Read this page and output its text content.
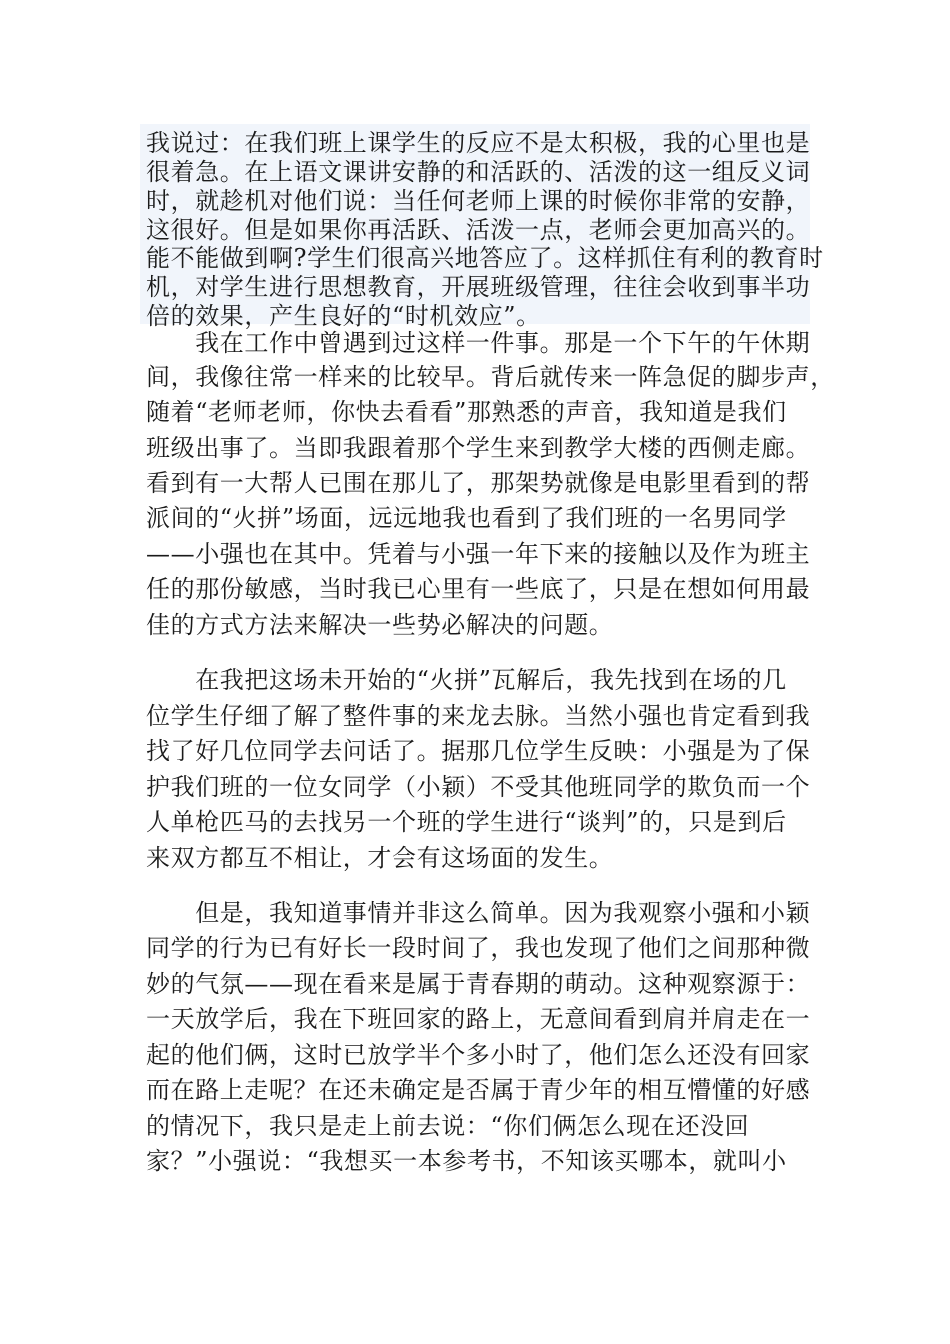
我说过：在我们班上课学生的反应不是太积极，我的心里也是
很着急。在上语文课讲安静的和活跃的、活泼的这一组反义词
时，就趁机对他们说：当任何老师上课的时候你非常的安静，
这很好。但是如果你再活跃、活泼一点，老师会更加高兴的。
能不能做到啊?学生们很高兴地答应了。这样抓住有利的教育时
机，对学生进行思想教育，开展班级管理，往往会收到事半功
倍的效果，产生良好的“时机效应”。
　　我在工作中曾遇到过这样一件事。那是一个下午的午休期
间，我像往常一样来的比较早。背后就传来一阵急促的脚步声，
随着“老师老师，你快去看看”那熟悉的声音，我知道是我们
班级出事了。当即我跟着那个学生来到教学大楼的西侧走廊。
看到有一大帮人已围在那儿了，那架势就像是电影里看到的帮
派间的“火拼”场面，远远地我也看到了我们班的一名男同学
——小强也在其中。凭着与小强一年下来的接触以及作为班主
任的那份敏感，当时我已心里有一些底了，只是在想如何用最
佳的方式方法来解决一些势必解决的问题。
　　在我把这场未开始的“火拼”瓦解后，我先找到在场的几
位学生仔细了解了整件事的来龙去脉。当然小强也肯定看到我
找了好几位同学去问话了。据那几位学生反映：小强是为了保
护我们班的一位女同学（小颖）不受其他班同学的欺负而一个
人单枪匹马的去找另一个班的学生进行“谈判”的，只是到后
来双方都互不相让，才会有这场面的发生。
　　但是，我知道事情并非这么简单。因为我观察小强和小颖
同学的行为已有好长一段时间了，我也发现了他们之间那种微
妙的气氛——现在看来是属于青春期的萌动。这种观察源于：
一天放学后，我在下班回家的路上，无意间看到肩并肩走在一
起的他们俩，这时已放学半个多小时了，他们怎么还没有回家
而在路上走呢？在还未确定是否属于青少年的相互懵懂的好感
的情况下，我只是走上前去说：“你们俩怎么现在还没回
家？”小强说：“我想买一本参考书，不知该买哪本，就叫小
